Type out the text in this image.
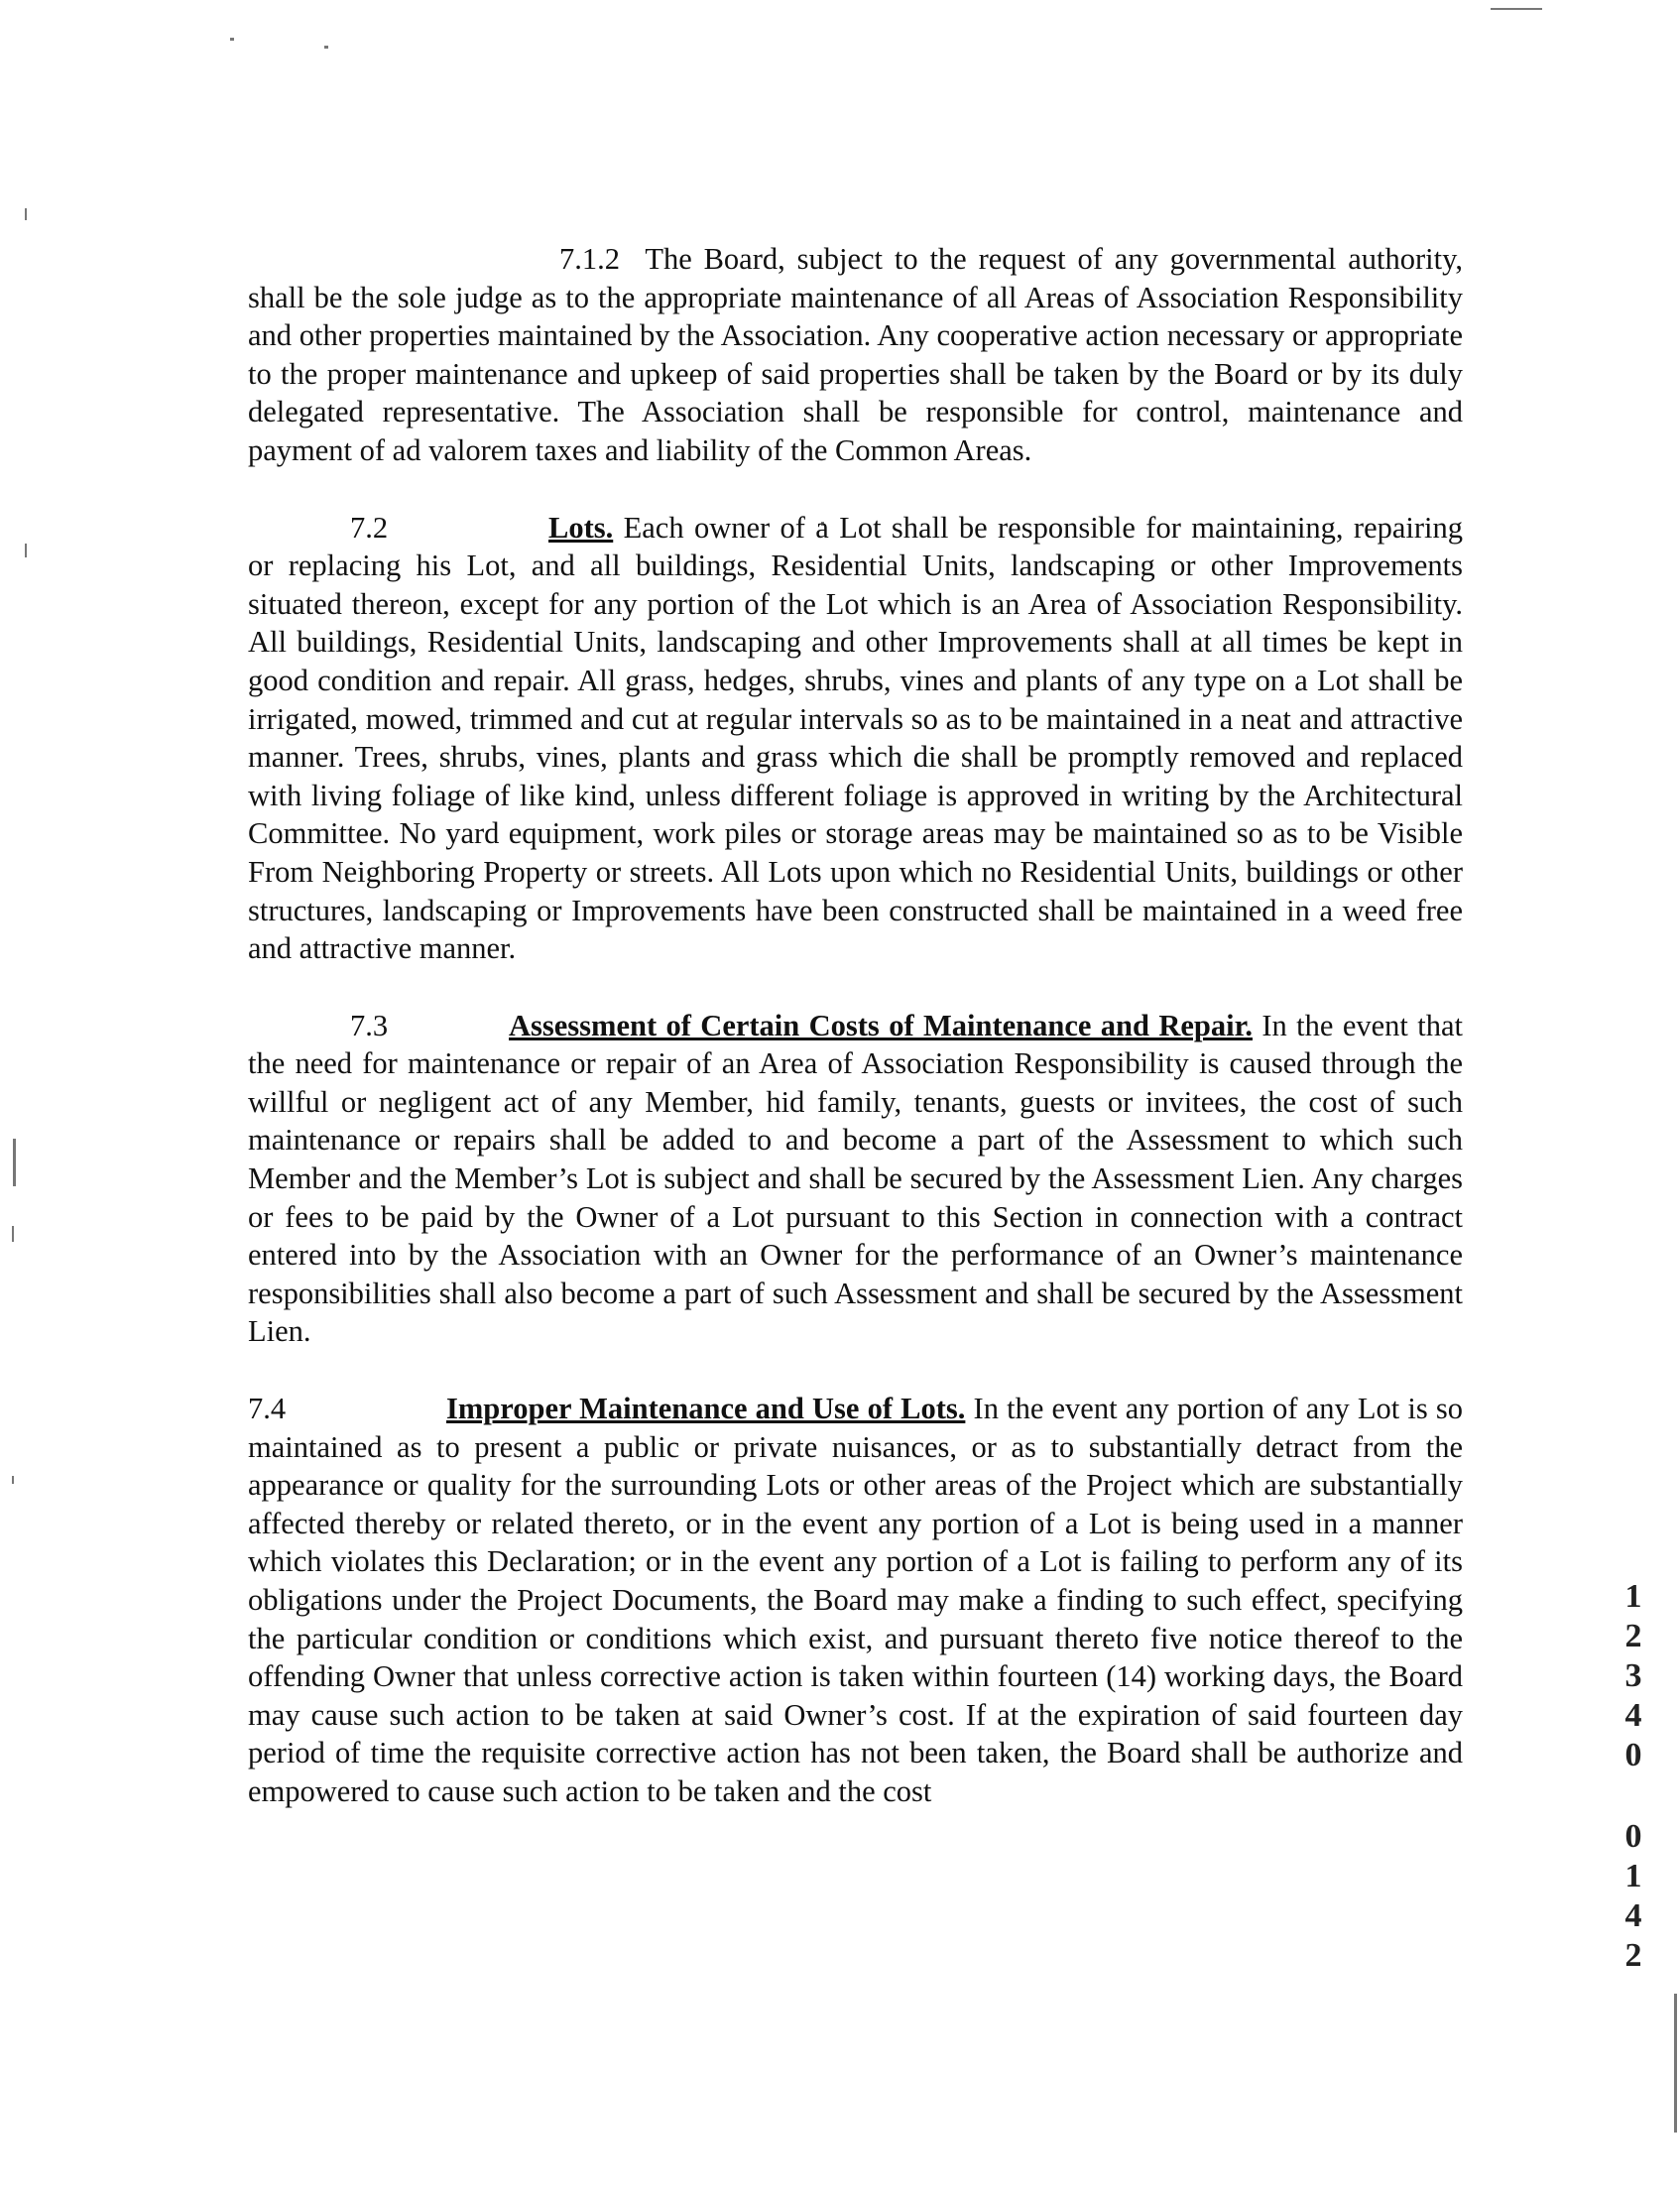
7.1.2 The Board, subject to the request of any governmental authority, shall be the sole judge as to the appropriate maintenance of all Areas of Association Responsibility and other properties maintained by the Association. Any cooperative action necessary or appropriate to the proper maintenance and upkeep of said properties shall be taken by the Board or by its duly delegated representative. The Association shall be responsible for control, maintenance and payment of ad valorem taxes and liability of the Common Areas.

7.2	Lots. Each owner of a Lot shall be responsible for maintaining, repairing or replacing his Lot, and all buildings, Residential Units, landscaping or other Improvements situated thereon, except for any portion of the Lot which is an Area of Association Responsibility. All buildings, Residential Units, landscaping and other Improvements shall at all times be kept in good condition and repair. All grass, hedges, shrubs, vines and plants of any type on a Lot shall be irrigated, mowed, trimmed and cut at regular intervals so as to be maintained in a neat and attractive manner. Trees, shrubs, vines, plants and grass which die shall be promptly removed and replaced with living foliage of like kind, unless different foliage is approved in writing by the Architectural Committee. No yard equipment, work piles or storage areas may be maintained so as to be Visible From Neighboring Property or streets. All Lots upon which no Residential Units, buildings or other structures, landscaping or Improvements have been constructed shall be maintained in a weed free and attractive manner.

7.3	Assessment of Certain Costs of Maintenance and Repair. In the event that the need for maintenance or repair of an Area of Association Responsibility is caused through the willful or negligent act of any Member, hid family, tenants, guests or invitees, the cost of such maintenance or repairs shall be added to and become a part of the Assessment to which such Member and the Member’s Lot is subject and shall be secured by the Assessment Lien. Any charges or fees to be paid by the Owner of a Lot pursuant to this Section in connection with a contract entered into by the Association with an Owner for the performance of an Owner’s maintenance responsibilities shall also become a part of such Assessment and shall be secured by the Assessment Lien.

7.4	Improper Maintenance and Use of Lots. In the event any portion of any Lot is so maintained as to present a public or private nuisances, or as to substantially detract from the appearance or quality for the surrounding Lots or other areas of the Project which are substantially affected thereby or related thereto, or in the event any portion of a Lot is being used in a manner which violates this Declaration; or in the event any portion of a Lot is failing to perform any of its obligations under the Project Documents, the Board may make a finding to such effect, specifying the particular condition or conditions which exist, and pursuant thereto five notice thereof to the offending Owner that unless corrective action is taken within fourteen (14) working days, the Board may cause such action to be taken at said Owner’s cost. If at the expiration of said fourteen day period of time the requisite corrective action has not been taken, the Board shall be authorize and empowered to cause such action to be taken and the cost

1
2
3
4
0
0
1
4
2
